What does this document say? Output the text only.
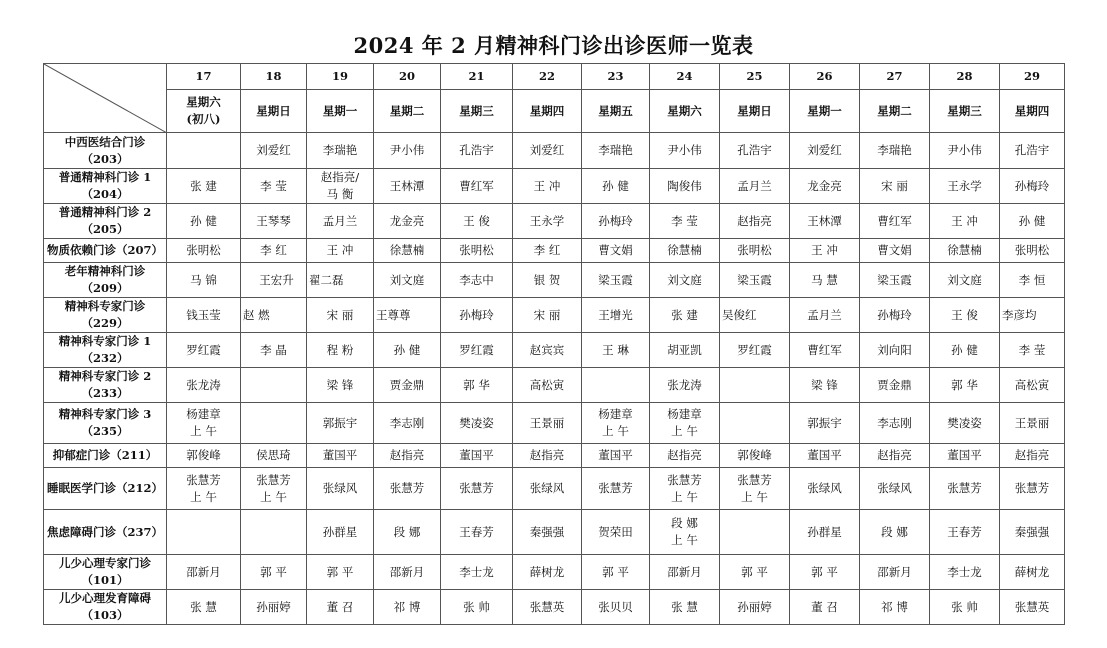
2024 年 2 月精神科门诊出诊医师一览表
	17	18	19	20	21	22	23	24	25	26	27	28	29

	星期六
(初八)	星期日	星期一	星期二	星期三	星期四	星期五	星期六	星期日	星期一	星期二	星期三	星期四

中西医结合门诊
（203）		刘爱红	李瑞艳	尹小伟	孔浩宇	刘爱红	李瑞艳	尹小伟	孔浩宇	刘爱红	李瑞艳	尹小伟	孔浩宇

普通精神科门诊 1
（204）	张 建	李 莹	赵指亮/
马 衡	王林潭	曹红军	王 冲	孙 健	陶俊伟	孟月兰	龙金亮	宋 丽	王永学	孙梅玲

普通精神科门诊 2
（205）	孙 健	王琴琴	孟月兰	龙金亮	王 俊	王永学	孙梅玲	李 莹	赵指亮	王林潭	曹红军	王 冲	孙 健

物质依赖门诊（207）	张明松	李 红	王 冲	徐慧楠	张明松	李 红	曹文娟	徐慧楠	张明松	王 冲	曹文娟	徐慧楠	张明松

老年精神科门诊
（209）	马 锦	王宏升	翟二磊	刘文庭	李志中	银 贺	梁玉霞	刘文庭	梁玉霞	马 慧	梁玉霞	刘文庭	李 恒

精神科专家门诊
（229）	钱玉莹	赵 燃	宋 丽	王尊尊	孙梅玲	宋 丽	王增光	张 建	吴俊红	孟月兰	孙梅玲	王 俊	李彦均

精神科专家门诊 1
（232）	罗红霞	李 晶	程 粉	孙 健	罗红霞	赵宾宾	王 琳	胡亚凯	罗红霞	曹红军	刘向阳	孙 健	李 莹

精神科专家门诊 2
（233）	张龙涛		梁 锋	贾金鼎	郭 华	高松寅		张龙涛		梁 锋	贾金鼎	郭 华	高松寅

精神科专家门诊 3
（235）	杨建章
上 午		郭振宇	李志刚	樊凌姿	王景丽	杨建章
上 午	杨建章
上 午		郭振宇	李志刚	樊凌姿	王景丽

抑郁症门诊（211）	郭俊峰	侯思琦	董国平	赵指亮	董国平	赵指亮	董国平	赵指亮	郭俊峰	董国平	赵指亮	董国平	赵指亮

睡眠医学门诊（212）	张慧芳
上 午	张慧芳
上 午	张绿风	张慧芳	张慧芳	张绿风	张慧芳	张慧芳
上 午	张慧芳
上 午	张绿风	张绿风	张慧芳	张慧芳

焦虑障碍门诊（237）			孙群星	段 娜	王春芳	秦强强	贺荣田	段 娜
上 午		孙群星	段 娜	王春芳	秦强强

儿少心理专家门诊
（101）	邵新月	郭 平	郭 平	邵新月	李士龙	薛树龙	郭 平	邵新月	郭 平	郭 平	邵新月	李士龙	薛树龙

儿少心理发育障碍
（103）	张 慧	孙丽婷	董 召	祁 博	张 帅	张慧英	张贝贝	张 慧	孙丽婷	董 召	祁 博	张 帅	张慧英
